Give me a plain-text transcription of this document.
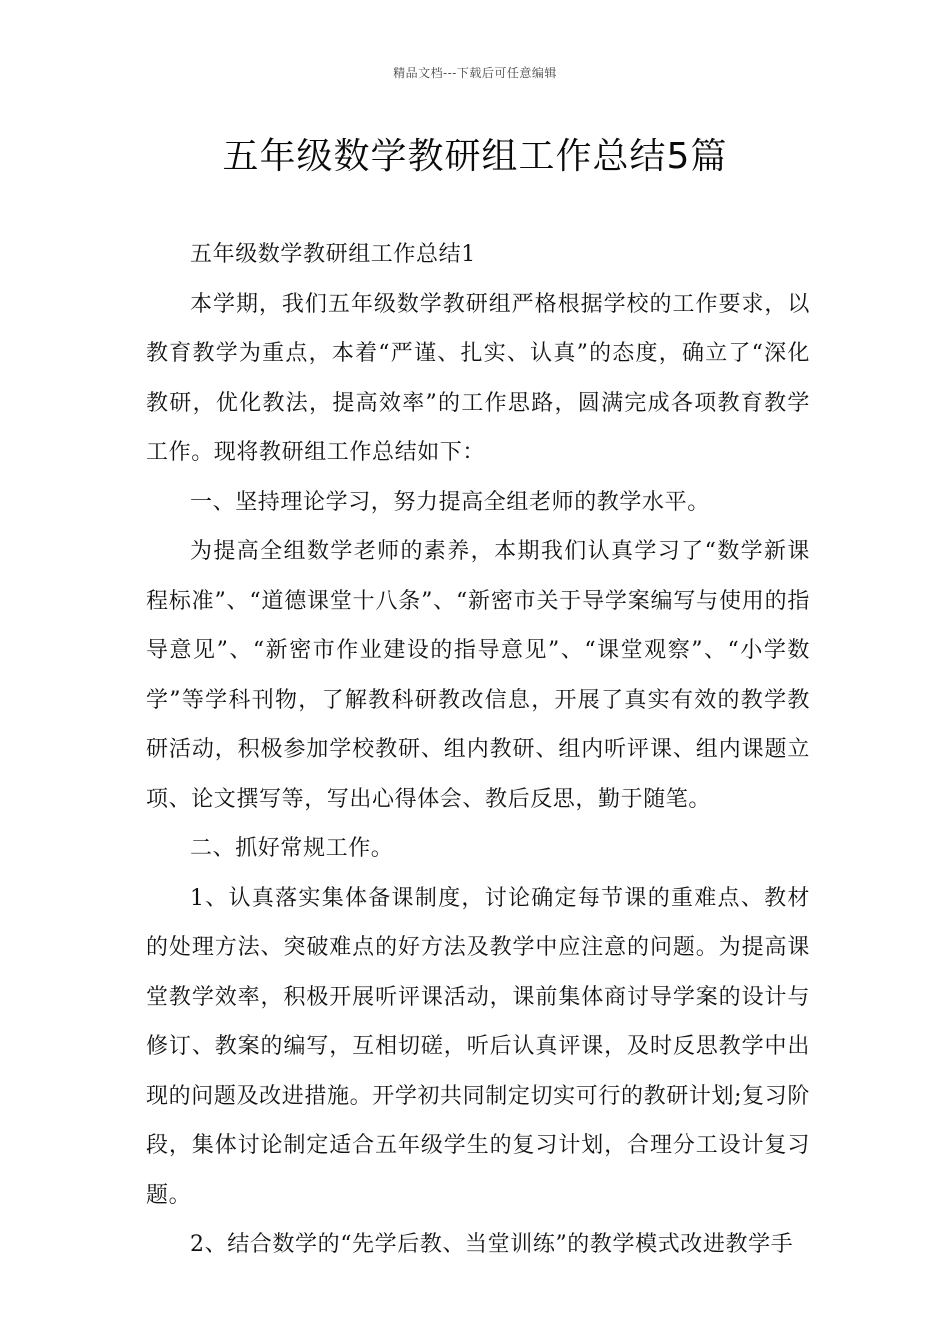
精品文档---下载后可任意编辑
五年级数学教研组工作总结5篇

五年级数学教研组工作总结1

本学期，我们五年级数学教研组严格根据学校的工作要求，以教育教学为重点，本着“严谨、扎实、认真”的态度，确立了“深化教研，优化教法，提高效率”的工作思路，圆满完成各项教育教学工作。现将教研组工作总结如下：

一、坚持理论学习，努力提高全组老师的教学水平。

为提高全组数学老师的素养，本期我们认真学习了“数学新课程标准”、“道德课堂十八条”、“新密市关于导学案编写与使用的指导意见”、“新密市作业建设的指导意见”、“课堂观察”、“小学数学”等学科刊物，了解教科研教改信息，开展了真实有效的教学教研活动，积极参加学校教研、组内教研、组内听评课、组内课题立项、论文撰写等，写出心得体会、教后反思，勤于随笔。

二、抓好常规工作。

1、认真落实集体备课制度，讨论确定每节课的重难点、教材的处理方法、突破难点的好方法及教学中应注意的问题。为提高课堂教学效率，积极开展听评课活动，课前集体商讨导学案的设计与修订、教案的编写，互相切磋，听后认真评课，及时反思教学中出现的问题及改进措施。开学初共同制定切实可行的教研计划;复习阶段，集体讨论制定适合五年级学生的复习计划，合理分工设计复习题。

2、结合数学的“先学后教、当堂训练”的教学模式改进教学手
